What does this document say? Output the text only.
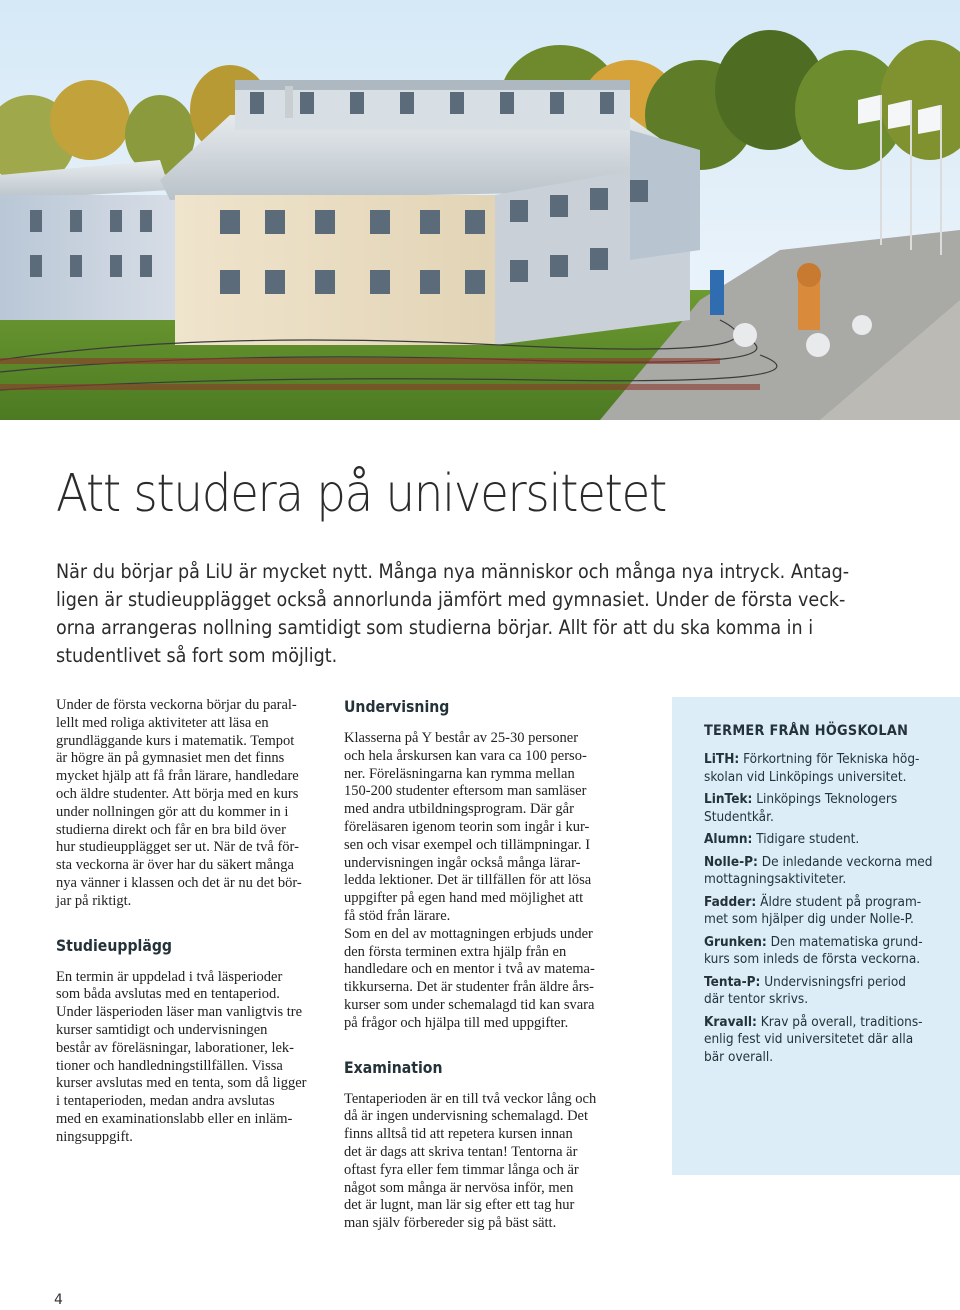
Att studera på universitetet
När du börjar på LiU är mycket nytt. Många nya människor och många nya intryck. Antag-
ligen är studieupplägget också annorlunda jämfört med gymnasiet. Under de första veck-
orna arrangeras nollning samtidigt som studierna börjar. Allt för att du ska komma in i
studentlivet så fort som möjligt.
Under de första veckorna börjar du paral-
lellt med roliga aktiviteter att läsa en
grundläggande kurs i matematik. Tempot
är högre än på gymnasiet men det finns
mycket hjälp att få från lärare, handledare
och äldre studenter. Att börja med en kurs
under nollningen gör att du kommer in i
studierna direkt och får en bra bild över
hur studieupplägget ser ut. När de två för-
sta veckorna är över har du säkert många
nya vänner i klassen och det är nu det bör-
jar på riktigt.
Studieupplägg
En termin är uppdelad i två läsperioder
som båda avslutas med en tentaperiod.
Under läsperioden läser man vanligtvis tre
kurser samtidigt och undervisningen
består av föreläsningar, laborationer, lek-
tioner och handledningstillfällen. Vissa
kurser avslutas med en tenta, som då ligger
i tentaperioden, medan andra avslutas
med en examinationslabb eller en inläm-
ningsuppgift.
Undervisning
Klasserna på Y består av 25-30 personer
och hela årskursen kan vara ca 100 perso-
ner. Föreläsningarna kan rymma mellan
150-200 studenter eftersom man samläser
med andra utbildningsprogram. Där går
föreläsaren igenom teorin som ingår i kur-
sen och visar exempel och tillämpningar. I
undervisningen ingår också många lärar-
ledda lektioner. Det är tillfällen för att lösa
uppgifter på egen hand med möjlighet att
få stöd från lärare.
Som en del av mottagningen erbjuds under
den första terminen extra hjälp från en
handledare och en mentor i två av matema-
tikkurserna. Det är studenter från äldre års-
kurser som under schemalagd tid kan svara
på frågor och hjälpa till med uppgifter.
Examination
Tentaperioden är en till två veckor lång och
då är ingen undervisning schemalagd. Det
finns alltså tid att repetera kursen innan
det är dags att skriva tentan! Tentorna är
oftast fyra eller fem timmar långa och är
något som många är nervösa inför, men
det är lugnt, man lär sig efter ett tag hur
man själv förbereder sig på bäst sätt.
TERMER FRÅN HÖGSKOLAN
LiTH: Förkortning för Tekniska hög-
skolan vid Linköpings universitet.
LinTek: Linköpings Teknologers
Studentkår.
Alumn: Tidigare student.
Nolle-P: De inledande veckorna med
mottagningsaktiviteter.
Fadder: Äldre student på program-
met som hjälper dig under Nolle-P.
Grunken: Den matematiska grund-
kurs som inleds de första veckorna.
Tenta-P: Undervisningsfri period
där tentor skrivs.
Kravall: Krav på overall, traditions-
enlig fest vid universitetet där alla
bär overall.
4
